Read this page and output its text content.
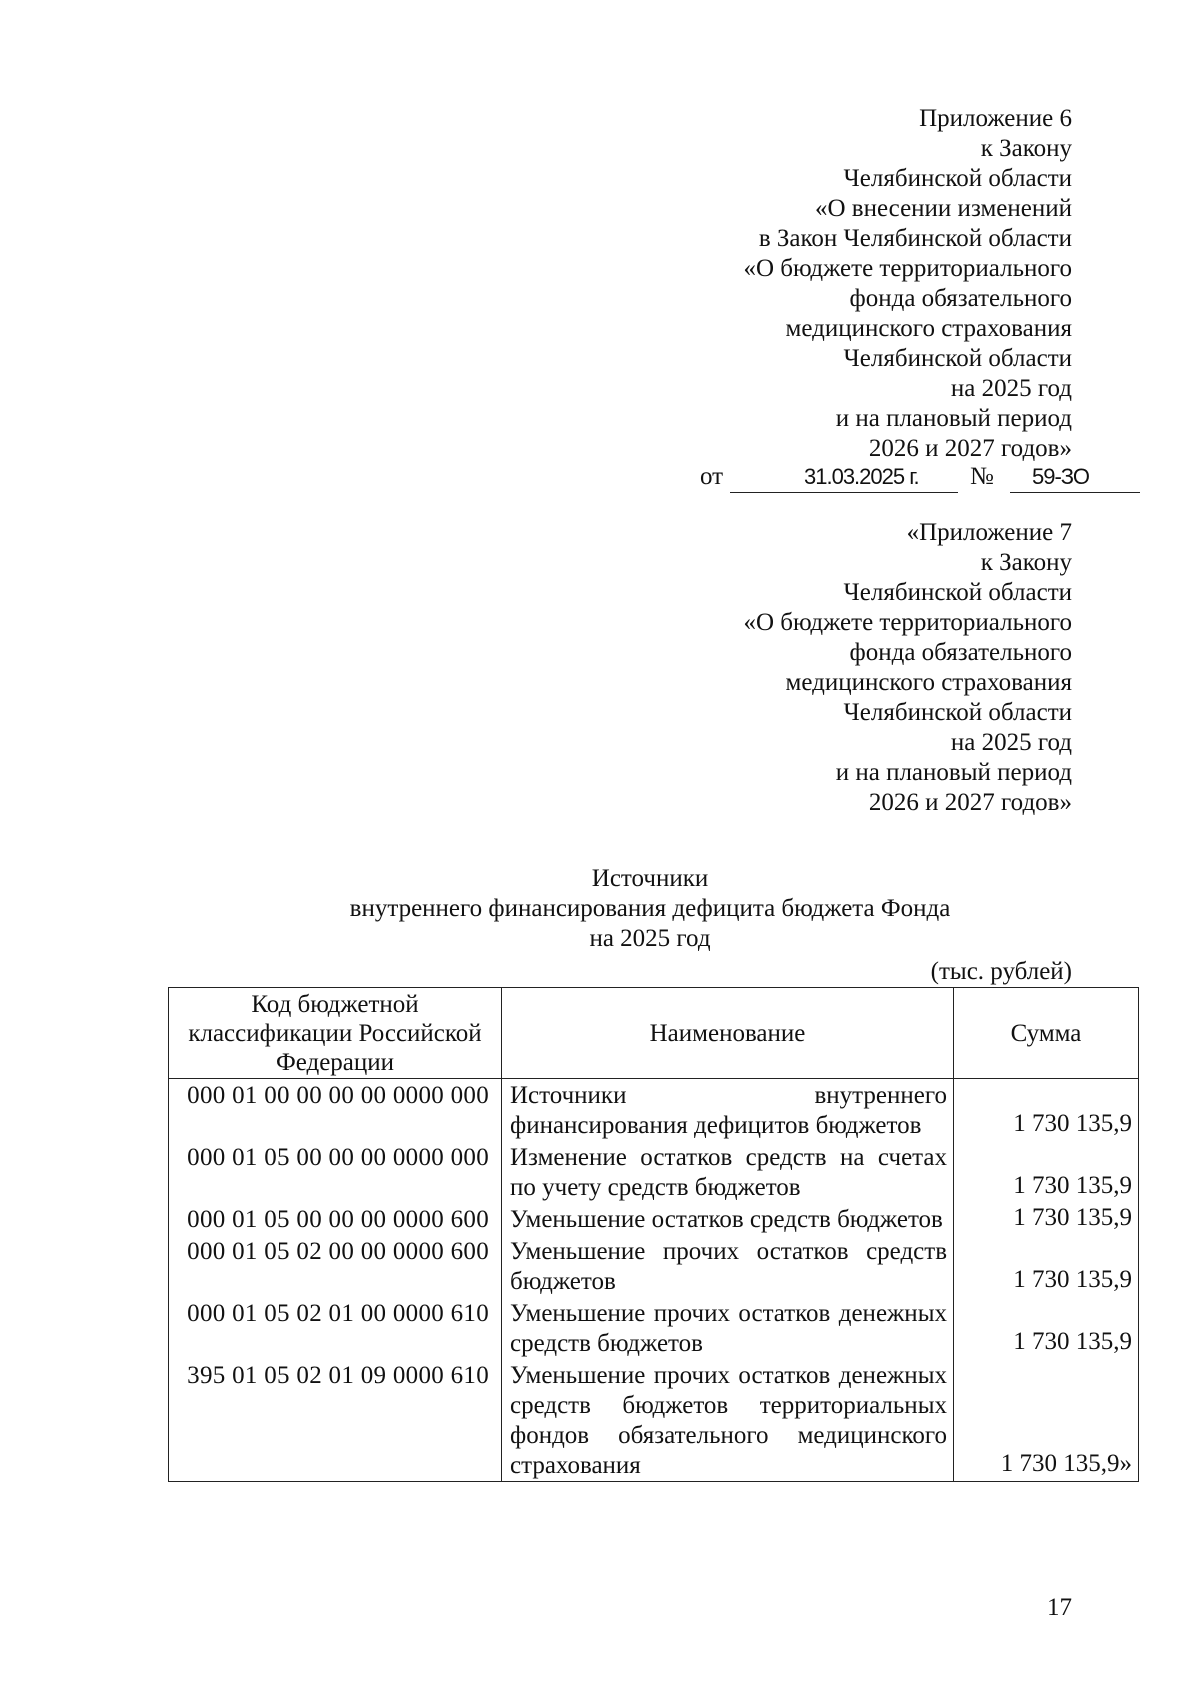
Приложение 6
к Закону
Челябинской области
«О внесении изменений
в Закон Челябинской области
«О бюджете территориального
фонда обязательного
медицинского страхования
Челябинской области
на 2025 год
и на плановый период
2026 и 2027 годов»
от	31.03.2025 г. № 59-ЗО
«Приложение 7
к Закону
Челябинской области
«О бюджете территориального
фонда обязательного
медицинского страхования
Челябинской области
на 2025 год
и на плановый период
2026 и 2027 годов»
Источники
внутреннего финансирования дефицита бюджета Фонда
на 2025 год
(тыс. рублей)
Код бюджетной классификации Российской Федерации	Наименование	Сумма
000 01 00 00 00 00 0000 000	Источники внутреннего финансирования дефицитов бюджетов	1 730 135,9
000 01 05 00 00 00 0000 000	Изменение остатков средств на счетах по учету средств бюджетов	1 730 135,9
000 01 05 00 00 00 0000 600	Уменьшение остатков средств бюджетов	1 730 135,9
000 01 05 02 00 00 0000 600	Уменьшение прочих остатков средств бюджетов	1 730 135,9
000 01 05 02 01 00 0000 610	Уменьшение прочих остатков денежных средств бюджетов	1 730 135,9
395 01 05 02 01 09 0000 610	Уменьшение прочих остатков денежных средств бюджетов территориальных фондов обязательного медицинского страхования	1 730 135,9»
17
